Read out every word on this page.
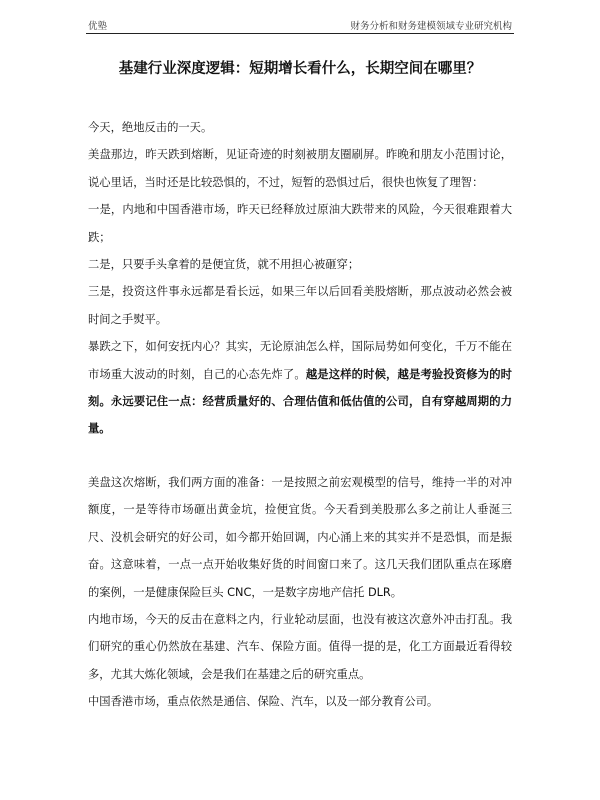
优塾	财务分析和财务建模领域专业研究机构
基建行业深度逻辑：短期增长看什么，长期空间在哪里？

今天，绝地反击的一天。

美盘那边，昨天跌到熔断，见证奇迹的时刻被朋友圈刷屏。昨晚和朋友小范围讨论，说心里话，当时还是比较恐惧的，不过，短暂的恐惧过后，很快也恢复了理智：

一是，内地和中国香港市场，昨天已经释放过原油大跌带来的风险，今天很难跟着大跌；

二是，只要手头拿着的是便宜货，就不用担心被砸穿；

三是，投资这件事永远都是看长远，如果三年以后回看美股熔断，那点波动必然会被时间之手熨平。

暴跌之下，如何安抚内心？其实，无论原油怎么样，国际局势如何变化，千万不能在市场重大波动的时刻，自己的心态先炸了。越是这样的时候，越是考验投资修为的时刻。永远要记住一点：经营质量好的、合理估值和低估值的公司，自有穿越周期的力量。

美盘这次熔断，我们两方面的准备：一是按照之前宏观模型的信号，维持一半的对冲额度，一是等待市场砸出黄金坑，捡便宜货。今天看到美股那么多之前让人垂涎三尺、没机会研究的好公司，如今都开始回调，内心涌上来的其实并不是恐惧，而是振奋。这意味着，一点一点开始收集好货的时间窗口来了。这几天我们团队重点在琢磨的案例，一是健康保险巨头 CNC，一是数字房地产信托 DLR。

内地市场，今天的反击在意料之内，行业轮动层面，也没有被这次意外冲击打乱。我们研究的重心仍然放在基建、汽车、保险方面。值得一提的是，化工方面最近看得较多，尤其大炼化领域，会是我们在基建之后的研究重点。

中国香港市场，重点依然是通信、保险、汽车，以及一部分教育公司。
